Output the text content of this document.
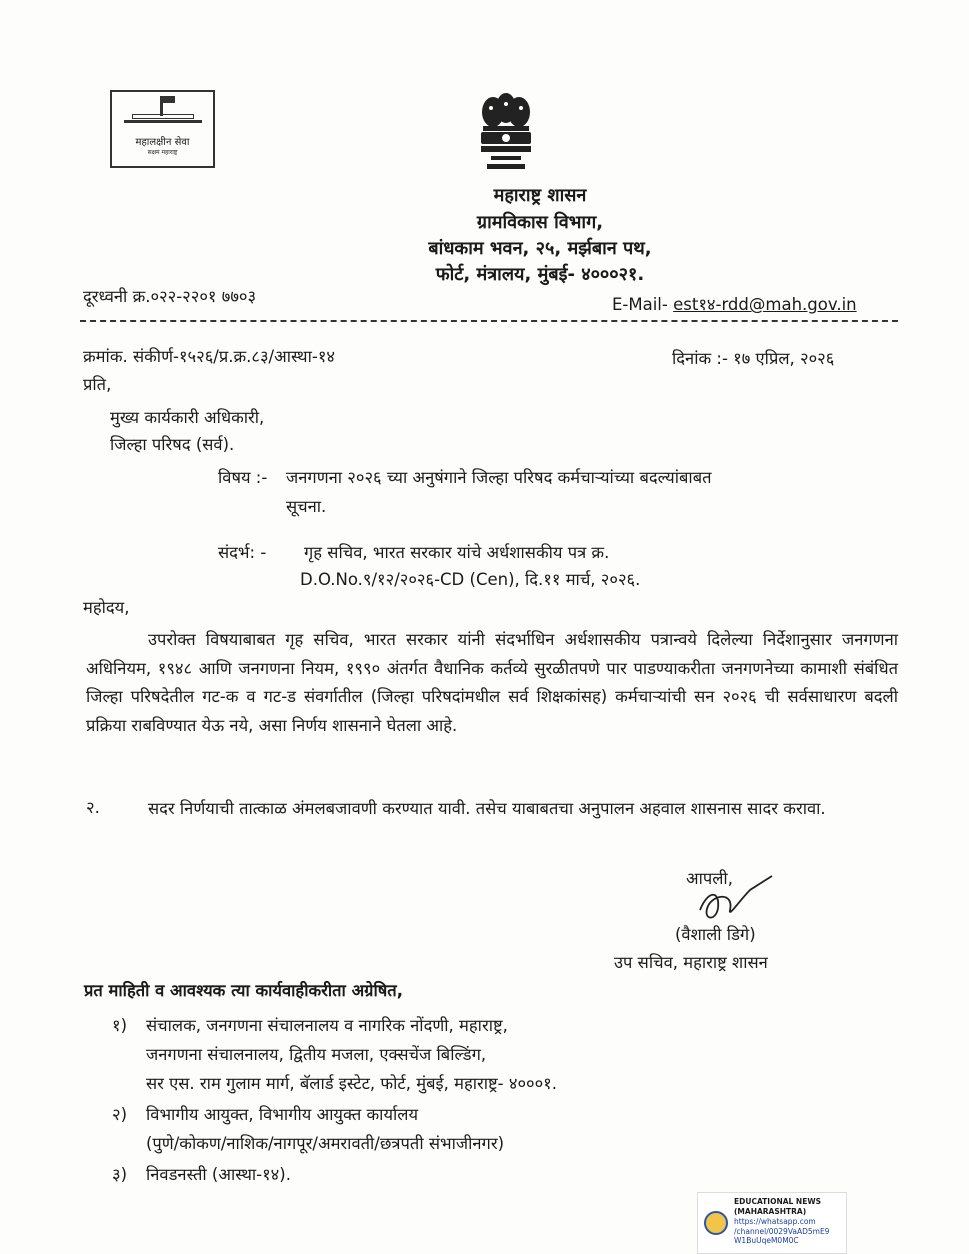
महालक्षीन सेवा
सक्षम महाराष्ट्र
महाराष्ट्र शासन
ग्रामविकास विभाग,
बांधकाम भवन, २५, मर्झबान पथ,
फोर्ट, मंत्रालय, मुंबई- ४०००२१.
दूरध्वनी क्र.०२२-२२०१ ७७०३	E-Mail- est१४-rdd@mah.gov.in
क्रमांक. संकीर्ण-१५२६/प्र.क्र.८३/आस्था-१४	दिनांक :- १७ एप्रिल, २०२६
प्रति,
मुख्य कार्यकारी अधिकारी,
जिल्हा परिषद (सर्व).
विषय :- जनगणना २०२६ च्या अनुषंगाने जिल्हा परिषद कर्मचाऱ्यांच्या बदल्यांबाबत
सूचना.
संदर्भ: - गृह सचिव, भारत सरकार यांचे अर्धशासकीय पत्र क्र.
D.O.No.९/१२/२०२६-CD (Cen), दि.११ मार्च, २०२६.
महोदय,
उपरोक्त विषयाबाबत गृह सचिव, भारत सरकार यांनी संदर्भाधिन अर्धशासकीय पत्रान्वये दिलेल्या निर्देशानुसार जनगणना अधिनियम, १९४८ आणि जनगणना नियम, १९९० अंतर्गत वैधानिक कर्तव्ये सुरळीतपणे पार पाडण्याकरीता जनगणनेच्या कामाशी संबंधित जिल्हा परिषदेतील गट-क व गट-ड संवर्गातील (जिल्हा परिषदांमधील सर्व शिक्षकांसह) कर्मचाऱ्यांची सन २०२६ ची सर्वसाधारण बदली प्रक्रिया राबविण्यात येऊ नये, असा निर्णय शासनाने घेतला आहे.
२.	सदर निर्णयाची तात्काळ अंमलबजावणी करण्यात यावी. तसेच याबाबतचा अनुपालन अहवाल शासनास सादर करावा.
आपली,
(वैशाली डिगे)
उप सचिव, महाराष्ट्र शासन
प्रत माहिती व आवश्यक त्या कार्यवाहीकरीता अग्रेषित,
१) संचालक, जनगणना संचालनालय व नागरिक नोंदणी, महाराष्ट्र,
जनगणना संचालनालय, द्वितीय मजला, एक्सचेंज बिल्डिंग,
सर एस. राम गुलाम मार्ग, बॅलार्ड इस्टेट, फोर्ट, मुंबई, महाराष्ट्र- ४०००१.
२) विभागीय आयुक्त, विभागीय आयुक्त कार्यालय
(पुणे/कोकण/नाशिक/नागपूर/अमरावती/छत्रपती संभाजीनगर)
३) निवडनस्ती (आस्था-१४).
EDUCATIONAL NEWS (MAHARASHTRA)
https://whatsapp.com /channel/0029VaAD5mE9 W1BuUqeM0M0C
